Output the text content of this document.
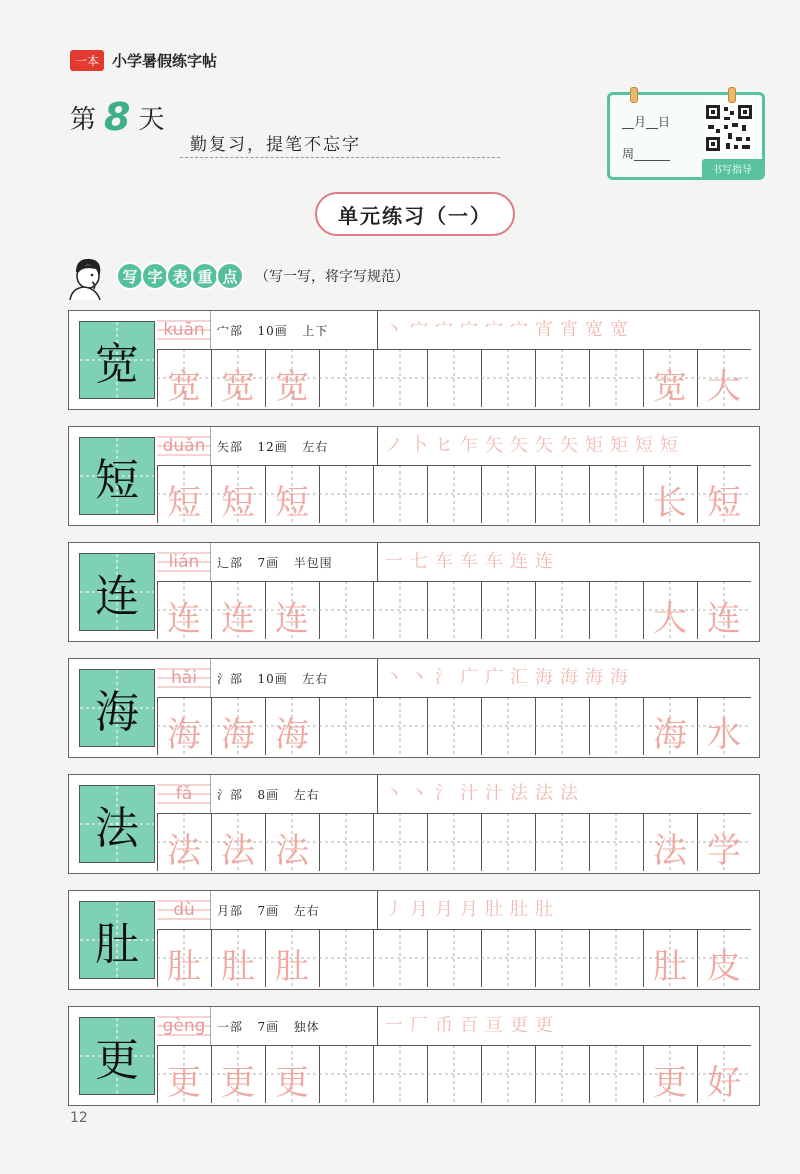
一本 小学暑假练字帖
第 8 天
勤复习，提笔不忘字
__月__日
周______
书写指导
单元练习（一）
写 字 表 重 点	（写一写，将字写规范）
宽
kuān 宀部 10画 上下	丶宀宀宀宀宀宵宵宽宽
宽 宽 宽	宽 大
短
duǎn 矢部 12画 左右	ノ卜ヒ乍矢矢矢矢矩矩短短
短 短 短	长 短
连
lián 辶部 7画 半包围	一七车车车连连
连 连 连	大 连
海
hǎi 氵部 10画 左右	丶丶氵广广汇海海海海
海 海 海	海 水
法
fǎ 氵部 8画 左右	丶丶氵汁汁法法法
法 法 法	法 学
肚
dù 月部 7画 左右	丿月月月肚肚肚
肚 肚 肚	肚 皮
更
gèng 一部 7画 独体	一厂币百亘更更
更 更 更	更 好
12
